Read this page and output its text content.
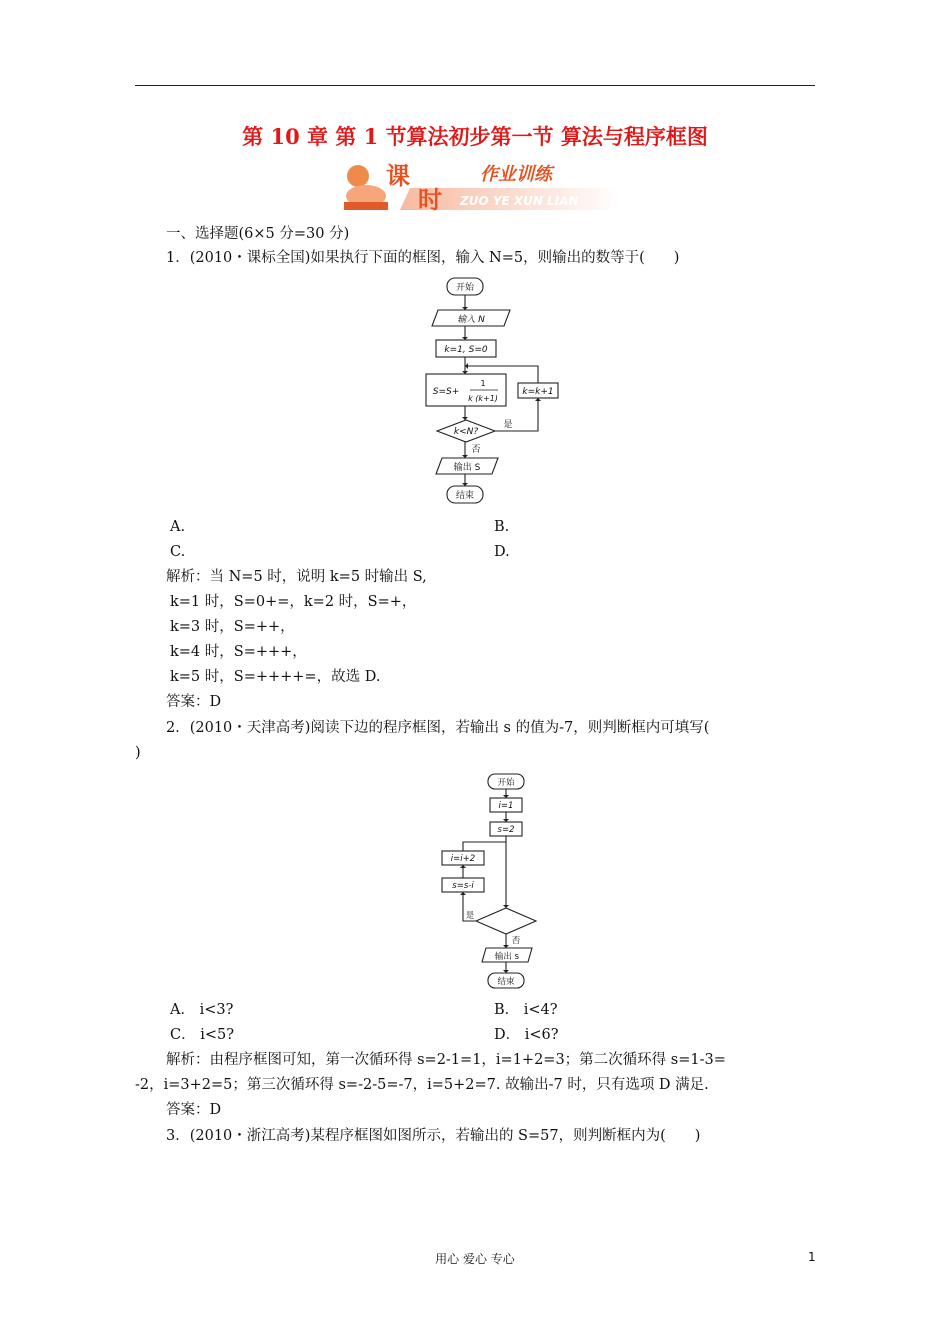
第 10 章 第 1 节算法初步第一节 算法与程序框图
课
时
作业训练
ZUO YE XUN LIAN
一、选择题(6×5 分=30 分)
1．(2010・课标全国)如果执行下面的框图，输入 N=5，则输出的数等于(　　)
开始
输入 N
k=1, S=0
S=S+
1
k (k+1)
k=k+1
k<N?
是
否
输出 S
结束
A.	B.
C.	D.
解析：当 N=5 时，说明 k=5 时输出 S,
k=1 时，S=0+=，k=2 时，S=+，
k=3 时，S=++，
k=4 时，S=+++，
k=5 时，S=++++=，故选 D.
答案：D
2．(2010・天津高考)阅读下边的程序框图，若输出 s 的值为-7，则判断框内可填写(
)
开始
i=1
s=2
i=i+2
s=s-i
是
否
输出 s
结束
A． i<3?	B． i<4?
C． i<5?	D． i<6?
解析：由程序框图可知，第一次循环得 s=2-1=1，i=1+2=3；第二次循环得 s=1-3=
-2，i=3+2=5；第三次循环得 s=-2-5=-7，i=5+2=7. 故输出-7 时，只有选项 D 满足.
答案：D
3．(2010・浙江高考)某程序框图如图所示，若输出的 S=57，则判断框内为(　　)
用心 爱心 专心	1
